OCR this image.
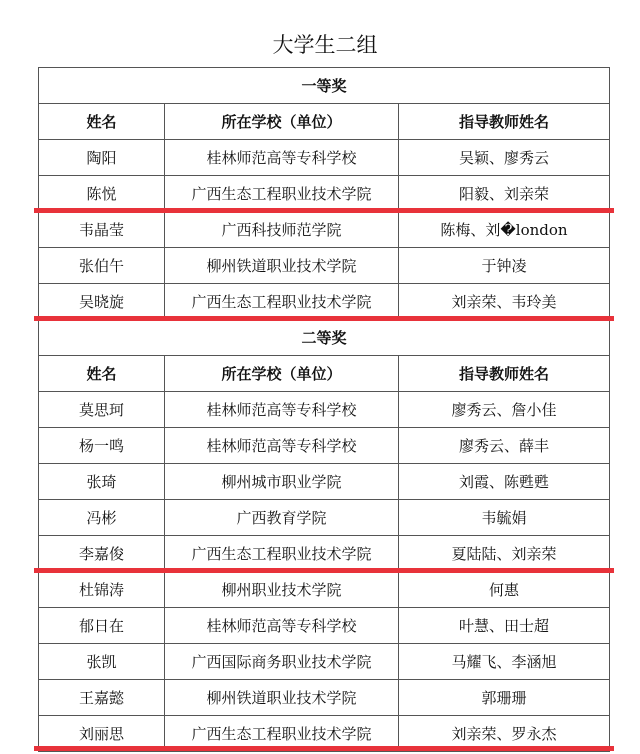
大学生二组
一等奖		
姓名	所在学校（单位）	指导教师姓名
陶阳	桂林师范高等专科学校	吴颖、廖秀云
陈悦	广西生态工程职业技术学院	阳毅、刘亲荣
韦晶莹	广西科技师范学院	陈梅、刘�london
张伯午	柳州铁道职业技术学院	于钟凌
吴晓旋	广西生态工程职业技术学院	刘亲荣、韦玲美
二等奖		
姓名	所在学校（单位）	指导教师姓名
莫思珂	桂林师范高等专科学校	廖秀云、詹小佳
杨一鸣	桂林师范高等专科学校	廖秀云、薛丰
张琦	柳州城市职业学院	刘霞、陈甦甦
冯彬	广西教育学院	韦毓娟
李嘉俊	广西生态工程职业技术学院	夏陆陆、刘亲荣
杜锦涛	柳州职业技术学院	何惠
郁日在	桂林师范高等专科学校	叶慧、田士超
张凯	广西国际商务职业技术学院	马耀飞、李涵旭
王嘉懿	柳州铁道职业技术学院	郭珊珊
刘丽思	广西生态工程职业技术学院	刘亲荣、罗永杰
